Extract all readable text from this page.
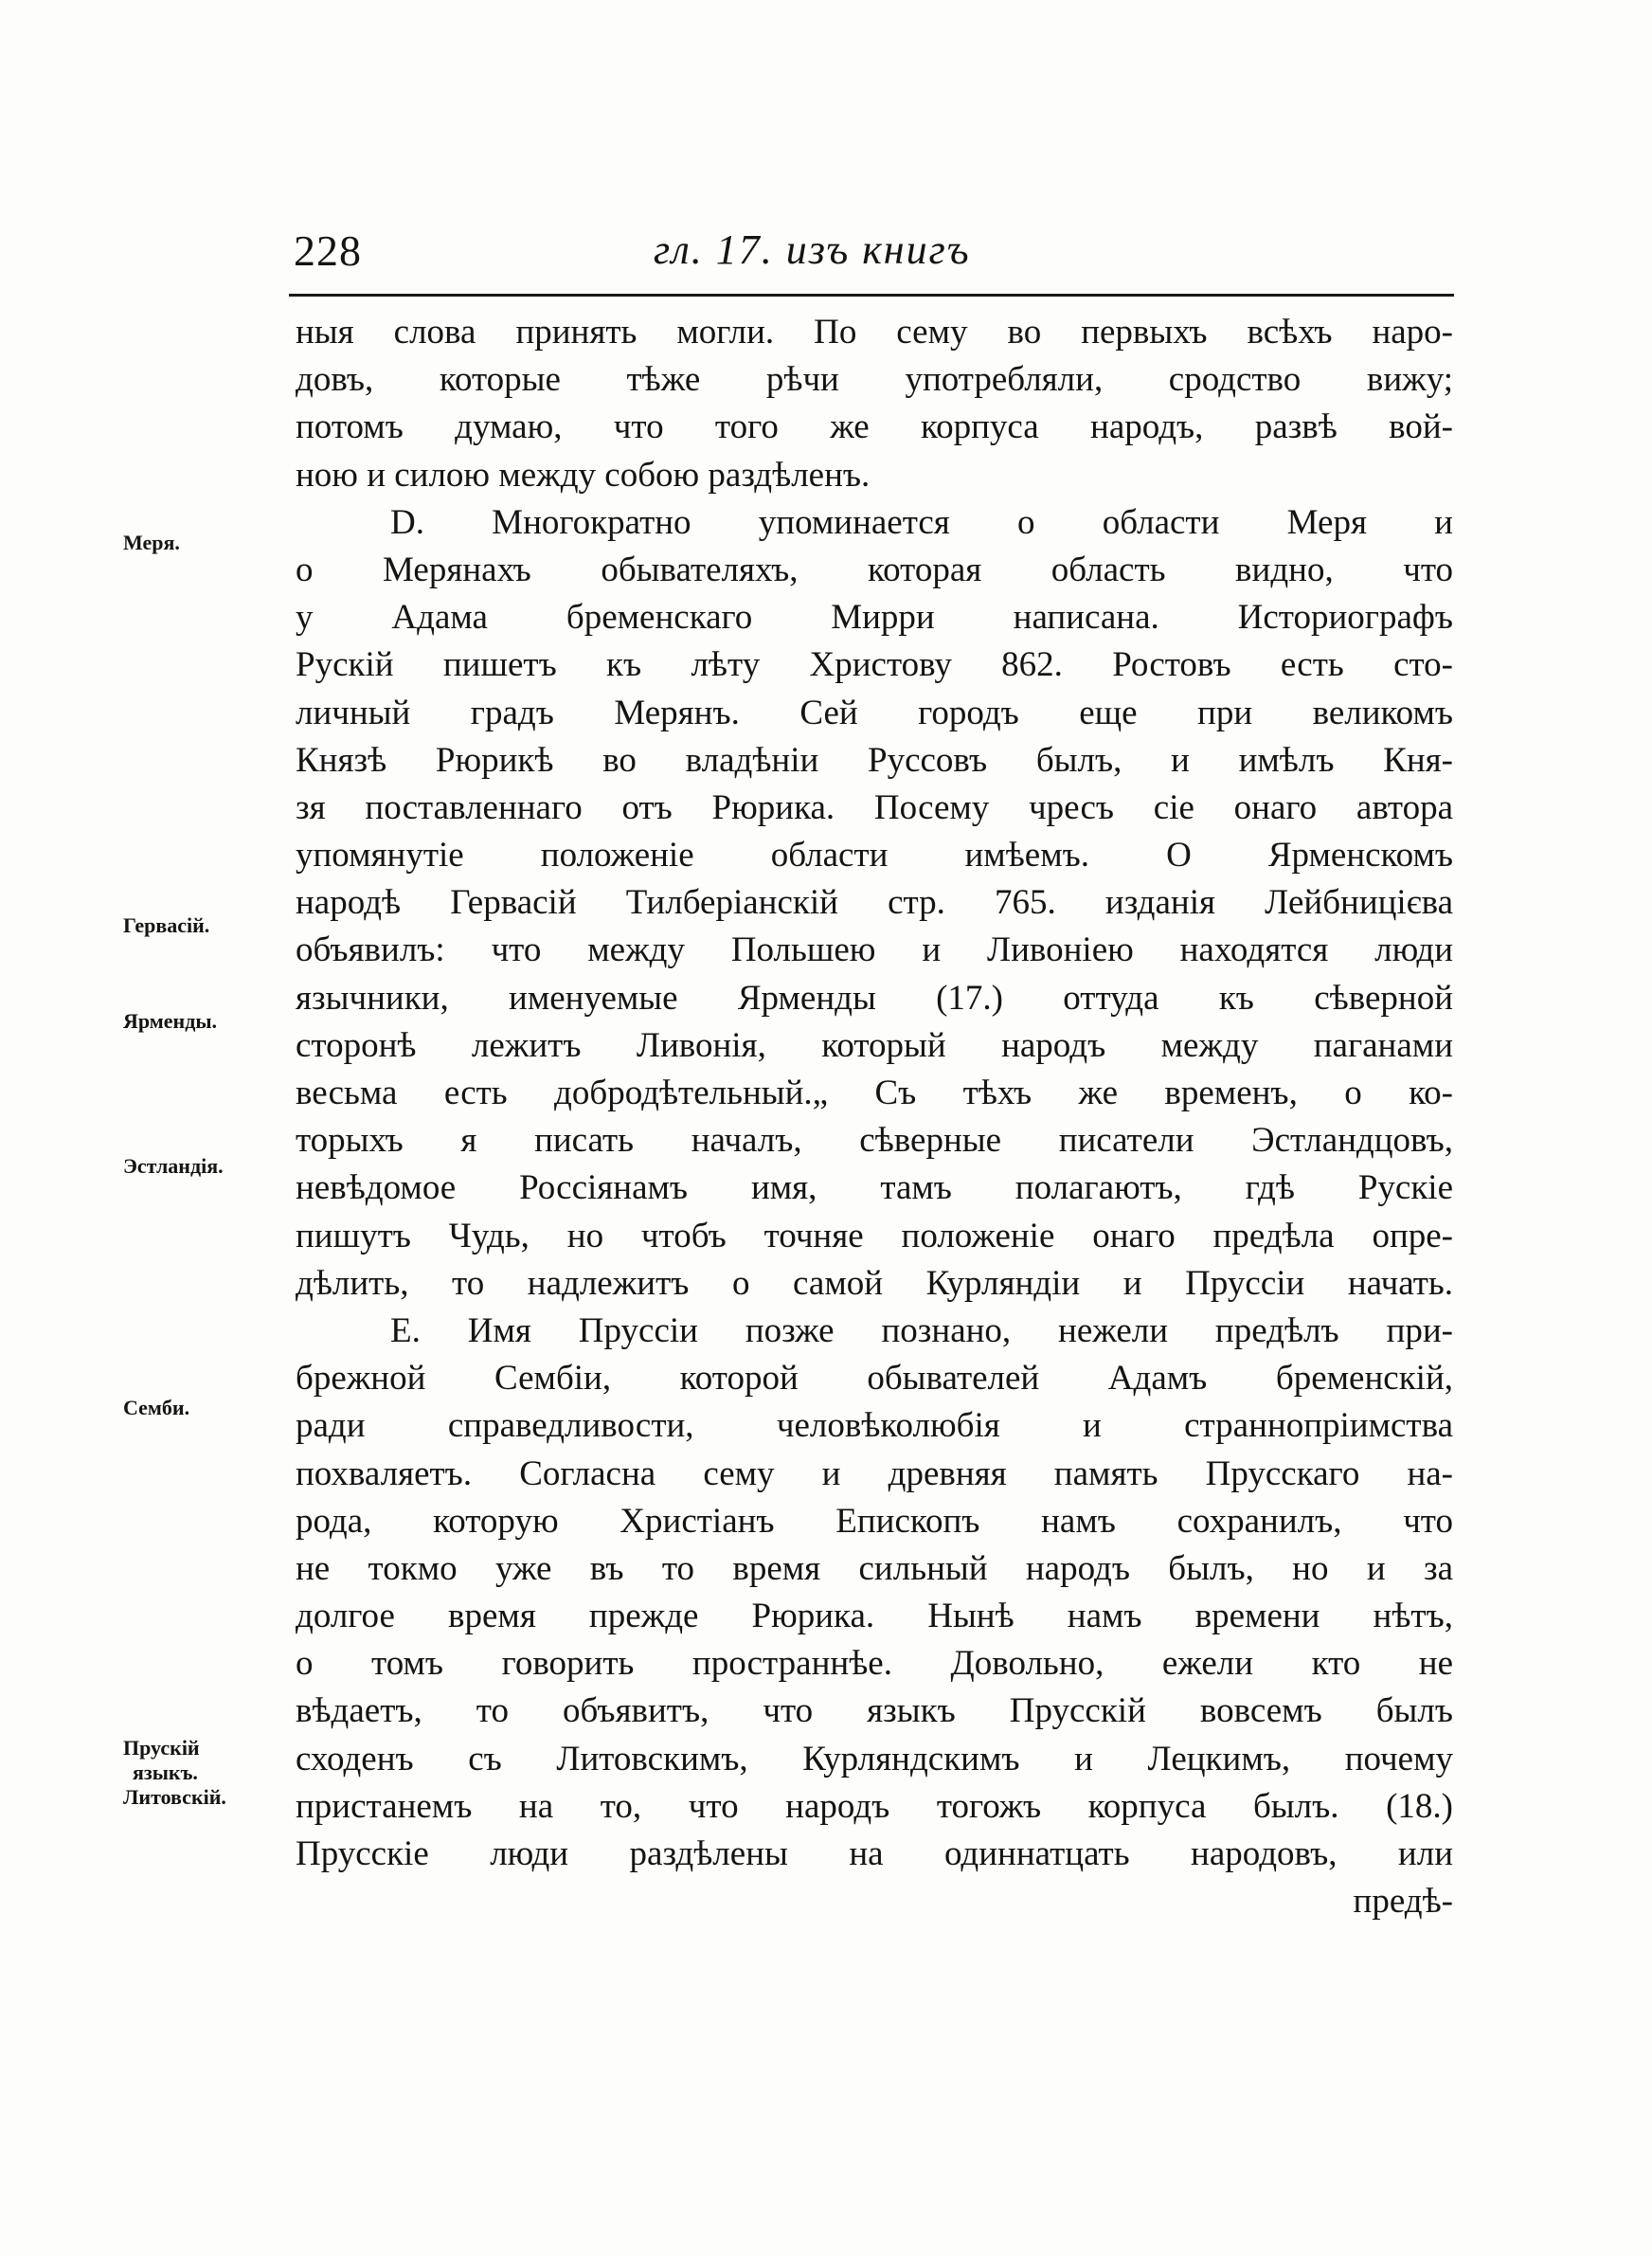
228	гл. 17. изъ книгъ
Меря.
Гервасій.
Ярменды.
Эстландія.
Семби.
Прускій
языкъ.
Литовскій.
ныя слова принять могли. По сему во первыхъ всѣхъ наро-
довъ, которые тѣже рѣчи употребляли, сродство вижу;
потомъ думаю, что того же корпуса народъ, развѣ вой-
ною и силою между собою раздѣленъ.
D. Многократно упоминается о области Меря и
о Мерянахъ обывателяхъ, которая область видно, что
у Адама бременскаго Мирри написана. Историографъ
Рускій пишетъ къ лѣту Христову 862. Ростовъ есть сто-
личный градъ Мерянъ. Сей городъ еще при великомъ
Князѣ Рюрикѣ во владѣніи Руссовъ былъ, и имѣлъ Кня-
зя поставленнаго отъ Рюрика. Посему чресъ сіе онаго автора
упомянутіе положеніе области имѣемъ. О Ярменскомъ
народѣ Гервасій Тилберіанскій стр. 765. изданія Лейбницієва
объявилъ: что между Польшею и Ливоніею находятся люди
язычники, именуемые Ярменды (17.) оттуда къ сѣверной
сторонѣ лежитъ Ливонія, который народъ между паганами
весьма есть добродѣтельный.„ Съ тѣхъ же временъ, о ко-
торыхъ я писать началъ, сѣверные писатели Эстландцовъ,
невѣдомое Россіянамъ имя, тамъ полагаютъ, гдѣ Рускіе
пишутъ Чудь, но чтобъ точняе положеніе онаго предѣла опре-
дѣлить, то надлежитъ о самой Курляндіи и Пруссіи начать.
E. Имя Пруссіи позже познано, нежели предѣлъ при-
брежной Сембіи, которой обывателей Адамъ бременскій,
ради справедливости, человѣколюбія и страннопріимства
похваляетъ. Согласна сему и древняя память Прусскаго на-
рода, которую Христіанъ Епископъ намъ сохранилъ, что
не токмо уже въ то время сильный народъ былъ, но и за
долгое время прежде Рюрика. Нынѣ намъ времени нѣтъ,
о томъ говорить пространнѣе. Довольно, ежели кто не
вѣдаетъ, то объявитъ, что языкъ Прусскій вовсемъ былъ
сходенъ съ Литовскимъ, Курляндскимъ и Лецкимъ, почему
пристанемъ на то, что народъ тогожъ корпуса былъ. (18.)
Прусскіе люди раздѣлены на одиннатцать народовъ, или
предѣ-
